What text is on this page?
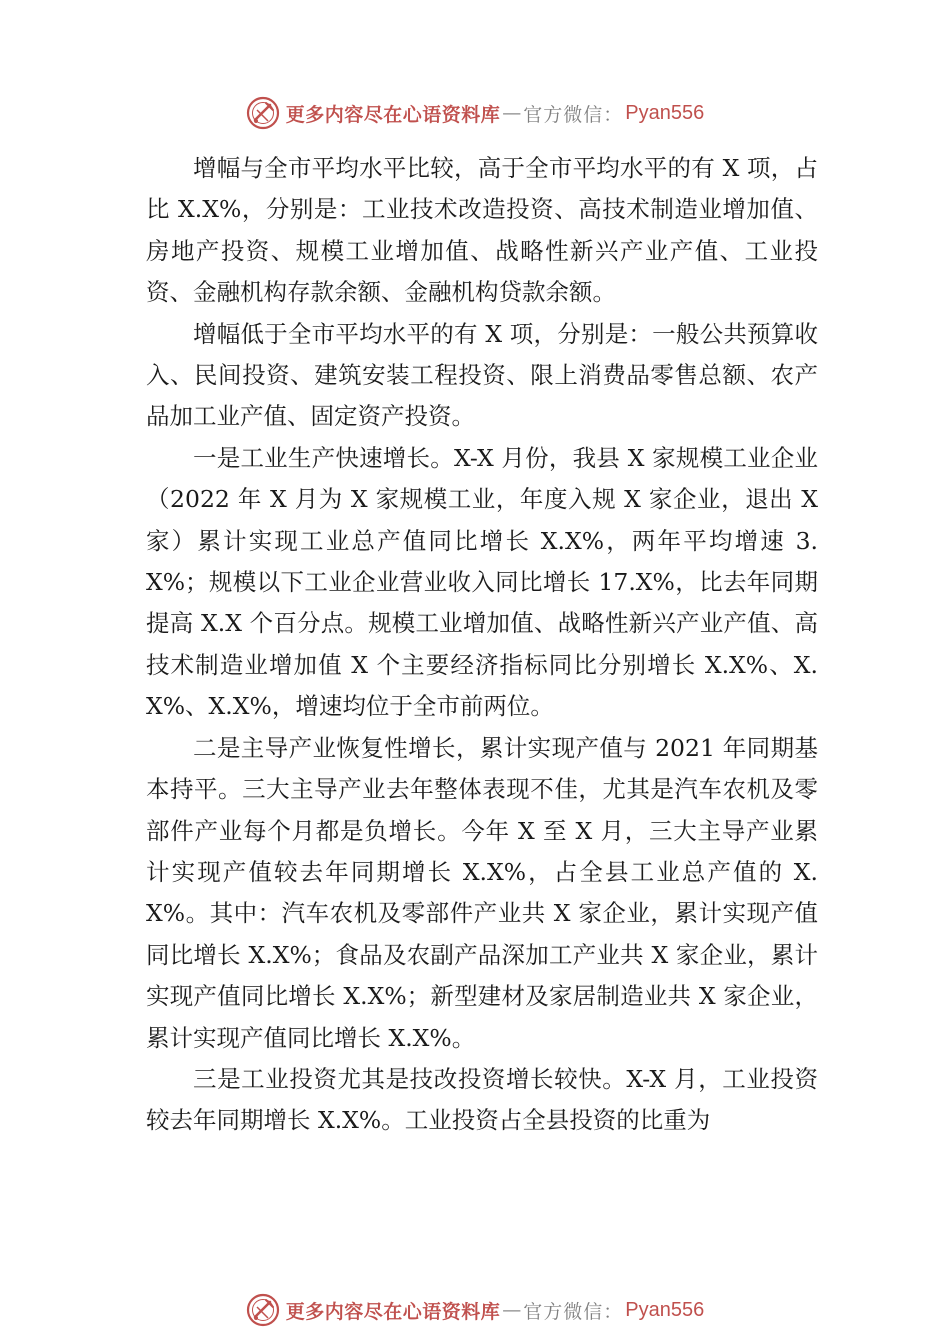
更多内容尽在心语资料库 — 官方微信： Pyan556

增幅与全市平均水平比较，高于全市平均水平的有 X 项，占比 X.X%，分别是：工业技术改造投资、高技术制造业增加值、房地产投资、规模工业增加值、战略性新兴产业产值、工业投资、金融机构存款余额、金融机构贷款余额。

增幅低于全市平均水平的有 X 项，分别是：一般公共预算收入、民间投资、建筑安装工程投资、限上消费品零售总额、农产品加工业产值、固定资产投资。

一是工业生产快速增长。X-X 月份，我县 X 家规模工业企业（2022 年 X 月为 X 家规模工业，年度入规 X 家企业，退出 X 家）累计实现工业总产值同比增长 X.X%，两年平均增速 3.X%；规模以下工业企业营业收入同比增长 17.X%，比去年同期提高 X.X 个百分点。规模工业增加值、战略性新兴产业产值、高技术制造业增加值 X 个主要经济指标同比分别增长 X.X%、X.X%、X.X%，增速均位于全市前两位。

二是主导产业恢复性增长，累计实现产值与 2021 年同期基本持平。三大主导产业去年整体表现不佳，尤其是汽车农机及零部件产业每个月都是负增长。今年 X 至 X 月，三大主导产业累计实现产值较去年同期增长 X.X%，占全县工业总产值的 X.X%。其中：汽车农机及零部件产业共 X 家企业，累计实现产值同比增长 X.X%；食品及农副产品深加工产业共 X 家企业，累计实现产值同比增长 X.X%；新型建材及家居制造业共 X 家企业，累计实现产值同比增长 X.X%。

三是工业投资尤其是技改投资增长较快。X-X 月，工业投资较去年同期增长 X.X%。工业投资占全县投资的比重为

更多内容尽在心语资料库 — 官方微信： Pyan556
